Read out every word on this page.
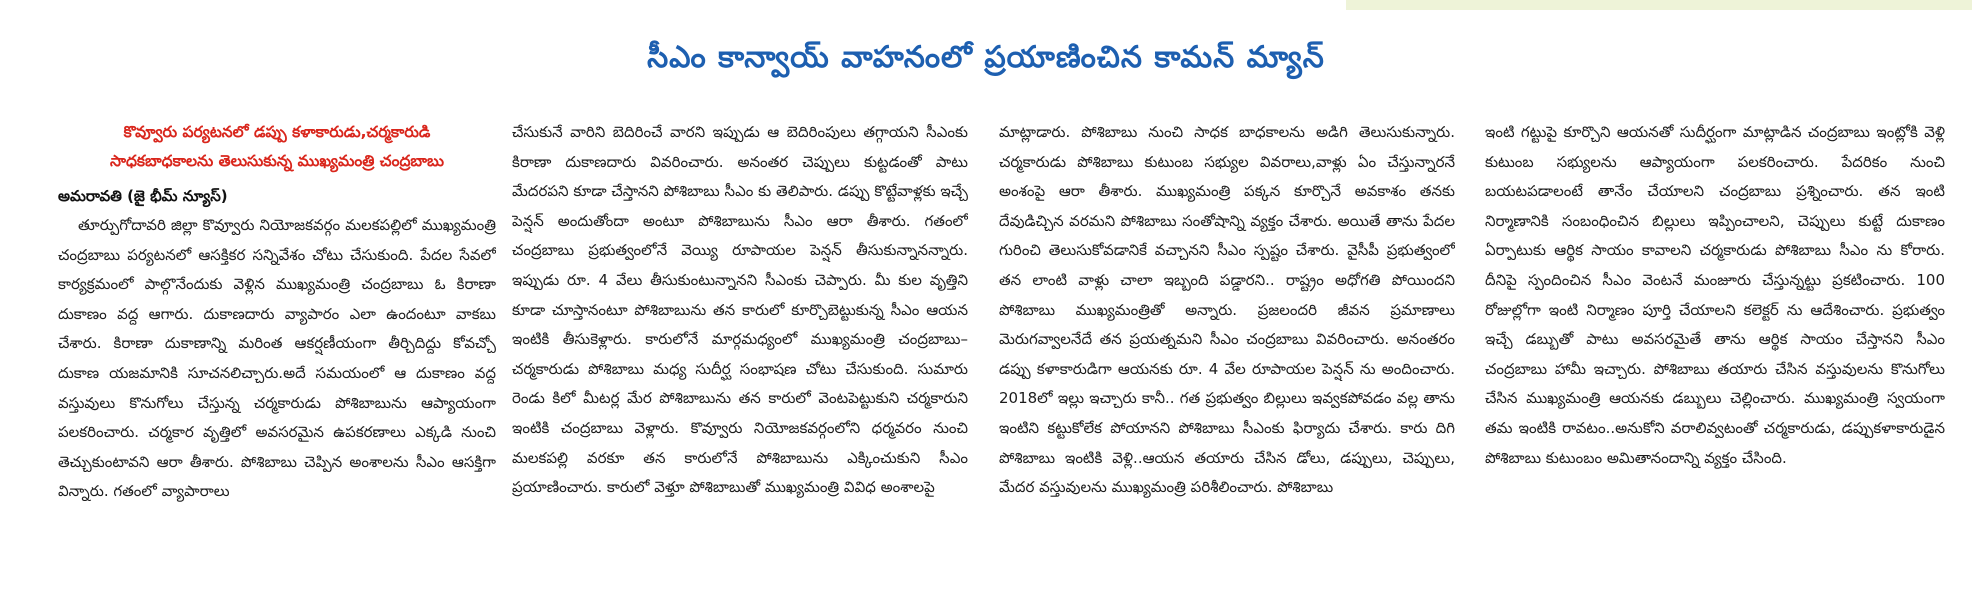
సీఎం కాన్వాయ్ వాహనంలో ప్రయాణించిన కామన్ మ్యాన్
కొవ్వూరు పర్యటనలో డప్పు కళాకారుడు,చర్మకారుడి
సాధకబాధకాలను తెలుసుకున్న ముఖ్యమంత్రి చంద్రబాబు

అమరావతి (జై భీమ్ న్యూస్)

తూర్పుగోదావరి జిల్లా కొవ్వూరు నియోజకవర్గం మలకపల్లిలో ముఖ్యమంత్రి చంద్రబాబు పర్యటనలో ఆసక్తికర సన్నివేశం చోటు చేసుకుంది. పేదల సేవలో కార్యక్రమంలో పాల్గొనేందుకు వెళ్లిన ముఖ్యమంత్రి చంద్రబాబు ఓ కిరాణా దుకాణం వద్ద ఆగారు. దుకాణదారు వ్యాపారం ఎలా ఉందంటూ వాకబు చేశారు. కిరాణా దుకాణాన్ని మరింత ఆకర్షణీయంగా తీర్చిదిద్దు కోవచ్చో దుకాణ యజమానికి సూచనలిచ్చారు.అదే సమయంలో ఆ దుకాణం వద్ద వస్తువులు కొనుగోలు చేస్తున్న చర్మకారుడు పోశిబాబును ఆప్యాయంగా పలకరించారు. చర్మకార వృత్తిలో అవసరమైన ఉపకరణాలు ఎక్కడి నుంచి తెచ్చుకుంటావని ఆరా తీశారు. పోశిబాబు చెప్పిన అంశాలను సీఎం ఆసక్తిగా విన్నారు. గతంలో వ్యాపారాలు

చేసుకునే వారిని బెదిరించే వారని ఇప్పుడు ఆ బెదిరింపులు తగ్గాయని సీఎంకు కిరాణా దుకాణదారు వివరించారు. అనంతర చెప్పులు కుట్టడంతో పాటు మేదరపని కూడా చేస్తానని పోశిబాబు సీఎం కు తెలిపారు. డప్పు కొట్టేవాళ్లకు ఇచ్చే పెన్షన్ అందుతోందా అంటూ పోశిబాబును సీఎం ఆరా తీశారు. గతంలో చంద్రబాబు ప్రభుత్వంలోనే వెయ్యి రూపాయల పెన్షన్ తీసుకున్నానన్నారు. ఇప్పుడు రూ. 4 వేలు తీసుకుంటున్నానని సీఎంకు చెప్పారు. మీ కుల వృత్తిని కూడా చూస్తానంటూ పోశిబాబును తన కారులో కూర్చొబెట్టుకున్న సీఎం ఆయన ఇంటికి తీసుకెళ్లారు. కారులోనే మార్గమధ్యంలో ముఖ్యమంత్రి చంద్రబాబు– చర్మకారుడు పోశిబాబు మధ్య సుదీర్ఘ సంభాషణ చోటు చేసుకుంది. సుమారు రెండు కిలో మీటర్ల మేర పోశిబాబును తన కారులో వెంటపెట్టుకుని చర్మకారుని ఇంటికి చంద్రబాబు వెళ్లారు. కొవ్వూరు నియోజకవర్గంలోని ధర్మవరం నుంచి మలకపల్లి వరకూ తన కారులోనే పోశిబాబును ఎక్కించుకుని సీఎం ప్రయాణించారు. కారులో వెళ్తూ పోశిబాబుతో ముఖ్యమంత్రి వివిధ అంశాలపై

మాట్లాడారు. పోశిబాబు నుంచి సాధక బాధకాలను అడిగి తెలుసుకున్నారు. చర్మకారుడు పోశిబాబు కుటుంబ సభ్యుల వివరాలు,వాళ్లు ఏం చేస్తున్నారనే అంశంపై ఆరా తీశారు. ముఖ్యమంత్రి పక్కన కూర్చొనే అవకాశం తనకు దేవుడిచ్చిన వరమని పోశిబాబు సంతోషాన్ని వ్యక్తం చేశారు. అయితే తాను పేదల గురించి తెలుసుకోవడానికే వచ్చానని సీఎం స్పష్టం చేశారు. వైసీపీ ప్రభుత్వంలో తన లాంటి వాళ్లు చాలా ఇబ్బంది పడ్డారని.. రాష్ట్రం అధోగతి పోయిందని పోశిబాబు ముఖ్యమంత్రితో అన్నారు. ప్రజలందరి జీవన ప్రమాణాలు మెరుగవ్వాలనేదే తన ప్రయత్నమని సీఎం చంద్రబాబు వివరించారు. అనంతరం డప్పు కళాకారుడిగా ఆయనకు రూ. 4 వేల రూపాయల పెన్షన్ ను అందించారు. 2018లో ఇల్లు ఇచ్చారు కానీ.. గత ప్రభుత్వం బిల్లులు ఇవ్వకపోవడం వల్ల తాను ఇంటిని కట్టుకోలేక పోయానని పోశిబాబు సీఎంకు ఫిర్యాదు చేశారు. కారు దిగి పోశిబాబు ఇంటికి వెళ్లి..ఆయన తయారు చేసిన డోలు, డప్పులు, చెప్పులు, మేదర వస్తువులను ముఖ్యమంత్రి పరిశీలించారు. పోశిబాబు

ఇంటి గట్టుపై కూర్చొని ఆయనతో సుదీర్ఘంగా మాట్లాడిన చంద్రబాబు ఇంట్లోకి వెళ్లి కుటుంబ సభ్యులను ఆప్యాయంగా పలకరించారు. పేదరికం నుంచి బయటపడాలంటే తానేం చేయాలని చంద్రబాబు ప్రశ్నించారు. తన ఇంటి నిర్మాణానికి సంబంధించిన బిల్లులు ఇప్పించాలని, చెప్పులు కుట్టే దుకాణం ఏర్పాటుకు ఆర్థిక సాయం కావాలని చర్మకారుడు పోశిబాబు సీఎం ను కోరారు. దీనిపై స్పందించిన సీఎం వెంటనే మంజూరు చేస్తున్నట్టు ప్రకటించారు. 100 రోజుల్లోగా ఇంటి నిర్మాణం పూర్తి చేయాలని కలెక్టర్ ను ఆదేశించారు. ప్రభుత్వం ఇచ్చే డబ్బుతో పాటు అవసరమైతే తాను ఆర్థిక సాయం చేస్తానని సీఎం చంద్రబాబు హామీ ఇచ్చారు. పోశిబాబు తయారు చేసిన వస్తువులను కొనుగోలు చేసిన ముఖ్యమంత్రి ఆయనకు డబ్బులు చెల్లించారు. ముఖ్యమంత్రి స్వయంగా తమ ఇంటికి రావటం..అనుకోని వరాలివ్వటంతో చర్మకారుడు, డప్పుకళాకారుడైన పోశిబాబు కుటుంబం అమితానందాన్ని వ్యక్తం చేసింది.
